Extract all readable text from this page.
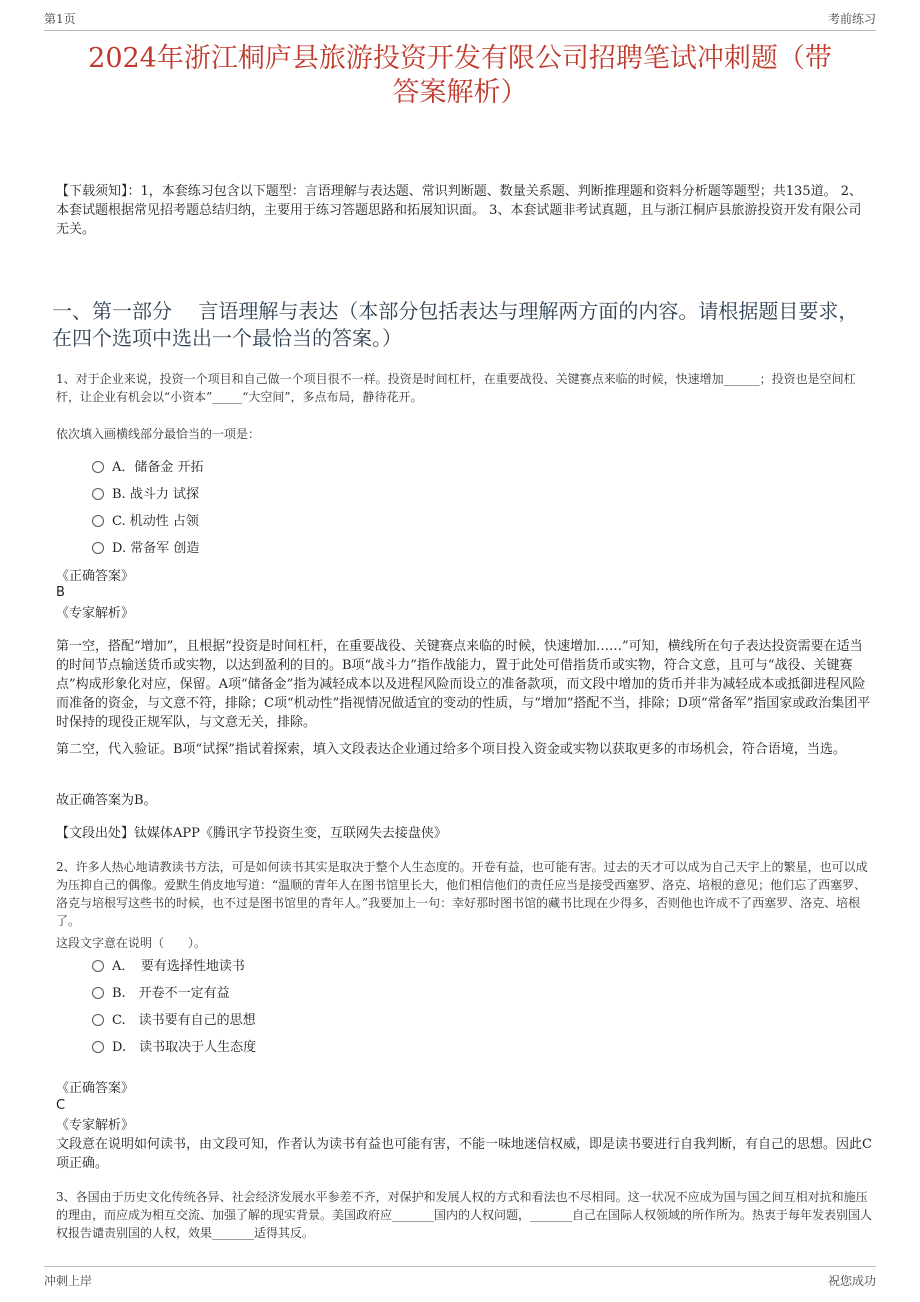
第1页	考前练习
2024年浙江桐庐县旅游投资开发有限公司招聘笔试冲刺题（带
答案解析）
【下载须知】：1，本套练习包含以下题型：言语理解与表达题、常识判断题、数量关系题、判断推理题和资料分析题等题型；共135道。 2、本套试题根据常见招考题总结归纳，主要用于练习答题思路和拓展知识面。 3、本套试题非考试真题，且与浙江桐庐县旅游投资开发有限公司无关。
一、第一部分　 言语理解与表达（本部分包括表达与理解两方面的内容。请根据题目要求，在四个选项中选出一个最恰当的答案。）
1、对于企业来说，投资一个项目和自己做一个项目很不一样。投资是时间杠杆，在重要战役、关键赛点来临的时候，快速增加______；投资也是空间杠杆，让企业有机会以“小资本”_____“大空间”，多点布局，静待花开。
依次填入画横线部分最恰当的一项是：
A．储备金 开拓
B. 战斗力 试探
C. 机动性 占领
D. 常备军 创造
《正确答案》
B
《专家解析》
第一空，搭配“增加”，且根据“投资是时间杠杆，在重要战役、关键赛点来临的时候，快速增加……”可知，横线所在句子表达投资需要在适当的时间节点输送货币或实物，以达到盈利的目的。B项“战斗力”指作战能力，置于此处可借指货币或实物，符合文意，且可与“战役、关键赛点”构成形象化对应，保留。A项“储备金”指为减轻成本以及进程风险而设立的准备款项，而文段中增加的货币并非为减轻成本或抵御进程风险而准备的资金，与文意不符，排除；C项“机动性”指视情况做适宜的变动的性质，与“增加”搭配不当，排除；D项“常备军”指国家或政治集团平时保持的现役正规军队，与文意无关，排除。
第二空，代入验证。B项“试探”指试着探索，填入文段表达企业通过给多个项目投入资金或实物以获取更多的市场机会，符合语境，当选。
故正确答案为B。
【文段出处】钛媒体APP《腾讯字节投资生变，互联网失去接盘侠》
2、许多人热心地请教读书方法，可是如何读书其实是取决于整个人生态度的。开卷有益，也可能有害。过去的天才可以成为自己天宇上的繁星，也可以成为压抑自己的偶像。爱默生俏皮地写道：“温顺的青年人在图书馆里长大，他们相信他们的责任应当是接受西塞罗、洛克、培根的意见；他们忘了西塞罗、洛克与培根写这些书的时候，也不过是图书馆里的青年人。”我要加上一句：幸好那时图书馆的藏书比现在少得多，否则他也许成不了西塞罗、洛克、培根了。
这段文字意在说明（　　）。
A．　要有选择性地读书
B.　开卷不一定有益
C.　读书要有自己的思想
D.　读书取决于人生态度
《正确答案》
C
《专家解析》
文段意在说明如何读书，由文段可知，作者认为读书有益也可能有害，不能一味地迷信权威，即是读书要进行自我判断，有自己的思想。因此C项正确。
3、各国由于历史文化传统各异、社会经济发展水平参差不齐，对保护和发展人权的方式和看法也不尽相同。这一状况不应成为国与国之间互相对抗和施压的理由，而应成为相互交流、加强了解的现实背景。美国政府应_______国内的人权问题，_______自己在国际人权领域的所作所为。热衷于每年发表别国人权报告谴责别国的人权，效果_______适得其反。
冲刺上岸	祝您成功
